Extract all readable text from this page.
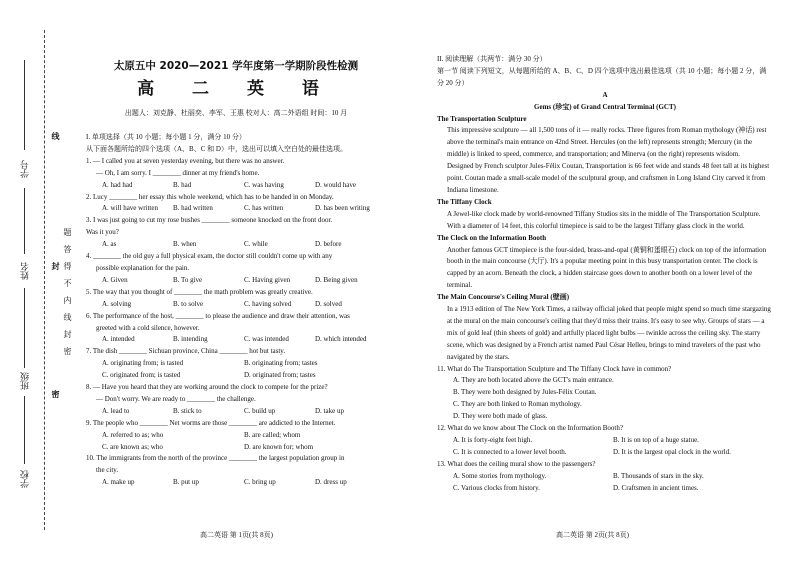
学号
姓名
班级
学校
题
答
得
不
内
线
封
密
线
封
密
太原五中 2020—2021 学年度第一学期阶段性检测
高 二 英 语
出题人：刘克静、杜丽奕、李军、王惠 校对人：高二外语组 时间：10 月

I. 单项选择（共 10 小题；每小题 1 分，满分 10 分）

从下面各题所给的四个选项（A、B、C 和 D）中，选出可以填入空白处的最佳选项。

1. — I called you at seven yesterday evening, but there was no answer.

— Oh, I am sorry. I ________ dinner at my friend's home.

A. had had	B. had	C. was having	D. would have

2. Lucy ________ her essay this whole weekend, which has to be handed in on Monday.

A. will have written	B. had written	C. has written	D. has been writing

3. I was just going to cut my rose bushes ________ someone knocked on the front door.

Was it you?

A. as	B. when	C. while	D. before

4. ________ the old guy a full physical exam, the doctor still couldn't come up with any

possible explanation for the pain.

A. Given	B. To give	C. Having given	D. Being given

5. The way that you thought of ________ the math problem was greatly creative.

A. solving	B. to solve	C. having solved	D. solved

6. The performance of the host, ________ to please the audience and draw their attention, was

greeted with a cold silence, however.

A. intended	B. intending	C. was intended	D. which intended

7. The dish ________ Sichuan province, China ________ hot but tasty.

A. originating from; is tasted	B. originating from; tastes
C. originated from; is tasted	D. originated from; tastes

8. — Have you heard that they are working around the clock to compete for the prize?

— Don't worry. We are ready to ________ the challenge.

A. lead to	B. stick to	C. build up	D. take up

9. The people who ________ Net worms are those ________ are addicted to the Internet.

A. referred to as; who	B. are called; whom
C. are known as; who	D. are known for; whom

10. The immigrants from the north of the province ________ the largest population group in

the city.

A. make up	B. put up	C. bring up	D. dress up
高二英语 第 1页(共 8页)

II. 阅读理解（共两节：满分 30 分）

第一节 阅读下列短文，从每题所给的 A、B、C、D 四个选项中选出最佳选项（共 10 小题；每小题 2 分，满分 20 分）

A

Gems (珍宝) of Grand Central Terminal (GCT)

The Transportation Sculpture

This impressive sculpture — all 1,500 tons of it — really rocks. Three figures from Roman mythology (神话) rest above the terminal's main entrance on 42nd Street. Hercules (on the left) represents strength; Mercury (in the middle) is linked to speed, commerce, and transportation; and Minerva (on the right) represents wisdom.

Designed by French sculptor Jules-Félix Coutan, Transportation is 66 feet wide and stands 48 feet tall at its highest point. Coutan made a small-scale model of the sculptural group, and craftsmen in Long Island City carved it from Indiana limestone.

The Tiffany Clock

A Jewel-like clock made by world-renowned Tiffany Studios sits in the middle of The Transportation Sculpture. With a diameter of 14 feet, this colorful timepiece is said to be the largest Tiffany glass clock in the world.

The Clock on the Information Booth

Another famous GCT timepiece is the four-sided, brass-and-opal (黄铜和蛋眼石) clock on top of the information booth in the main concourse (大厅). It's a popular meeting point in this busy transportation center. The clock is capped by an acorn. Beneath the clock, a hidden staircase goes down to another booth on a lower level of the terminal.

The Main Concourse's Ceiling Mural (壁画)

In a 1913 edition of The New York Times, a railway official joked that people might spend so much time stargazing at the mural on the main concourse's ceiling that they'd miss their trains. It's easy to see why. Groups of stars — a mix of gold leaf (thin sheets of gold) and artfully placed light bulbs — twinkle across the ceiling sky. The starry scene, which was designed by a French artist named Paul César Helleu, brings to mind travelers of the past who navigated by the stars.

11. What do The Transportation Sculpture and The Tiffany Clock have in common?

A. They are both located above the GCT's main entrance.

B. They were both designed by Jules-Félix Coutan.

C. They are both linked to Roman mythology.

D. They were both made of glass.

12. What do we know about The Clock on the Information Booth?

A. It is forty-eight feet high.	B. It is on top of a huge statue.
C. It is connected to a lower level booth.	D. It is the largest opal clock in the world.

13. What does the ceiling mural show to the passengers?

A. Some stories from mythology.	B. Thousands of stars in the sky.
C. Various clocks from history.	D. Craftsmen in ancient times.
高二英语 第 2页(共 8页)
